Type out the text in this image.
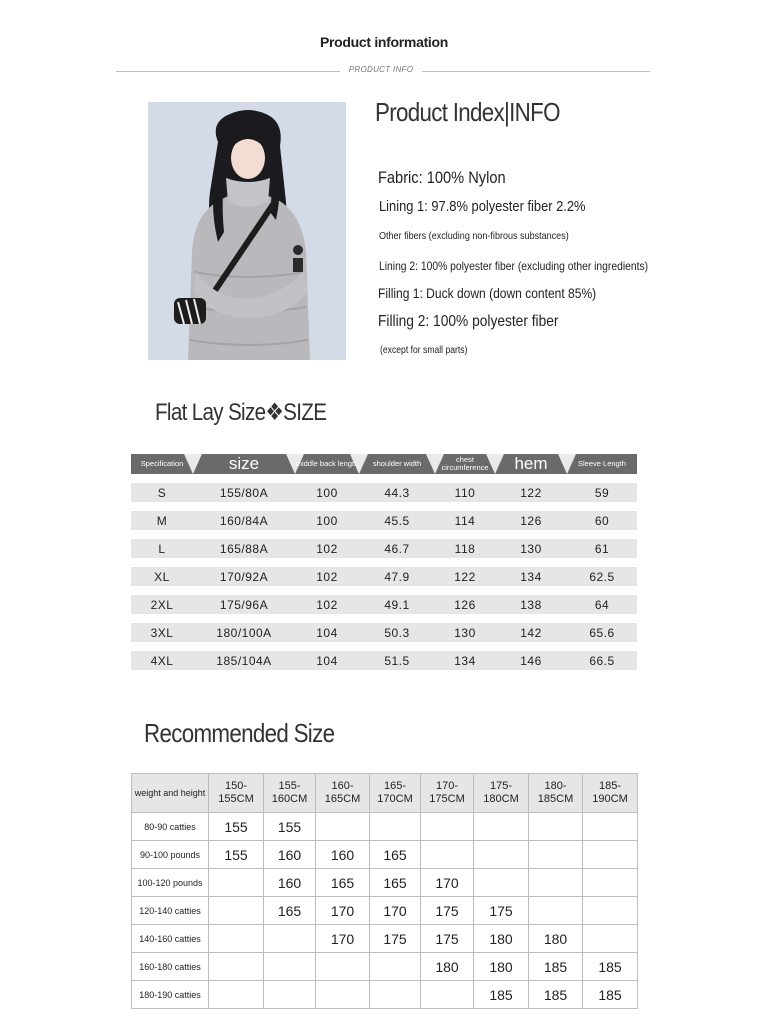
Product information
PRODUCT INFO
Product Index|INFO
Fabric: 100% Nylon
Lining 1: 97.8% polyester fiber 2.2%
Other fibers (excluding non-fibrous substances)
Lining 2: 100% polyester fiber (excluding other ingredients)
Filling 1: Duck down (down content 85%)
Filling 2: 100% polyester fiber
(except for small parts)
Flat Lay Size❖SIZE
Specification	size	middle back length	shoulder width	chest circumference	hem	Sleeve Length
S	155/80A	100	44.3	110	122	59
M	160/84A	100	45.5	114	126	60
L	165/88A	102	46.7	118	130	61
XL	170/92A	102	47.9	122	134	62.5
2XL	175/96A	102	49.1	126	138	64
3XL	180/100A	104	50.3	130	142	65.6
4XL	185/104A	104	51.5	134	146	66.5
Recommended Size
weight and height	150-155CM	155-160CM	160-165CM	165-170CM	170-175CM	175-180CM	180-185CM	185-190CM
80-90 catties	155	155						
90-100 pounds	155	160	160	165				
100-120 pounds		160	165	165	170			
120-140 catties		165	170	170	175	175		
140-160 catties			170	175	175	180	180	
160-180 catties					180	180	185	185
180-190 catties						185	185	185
